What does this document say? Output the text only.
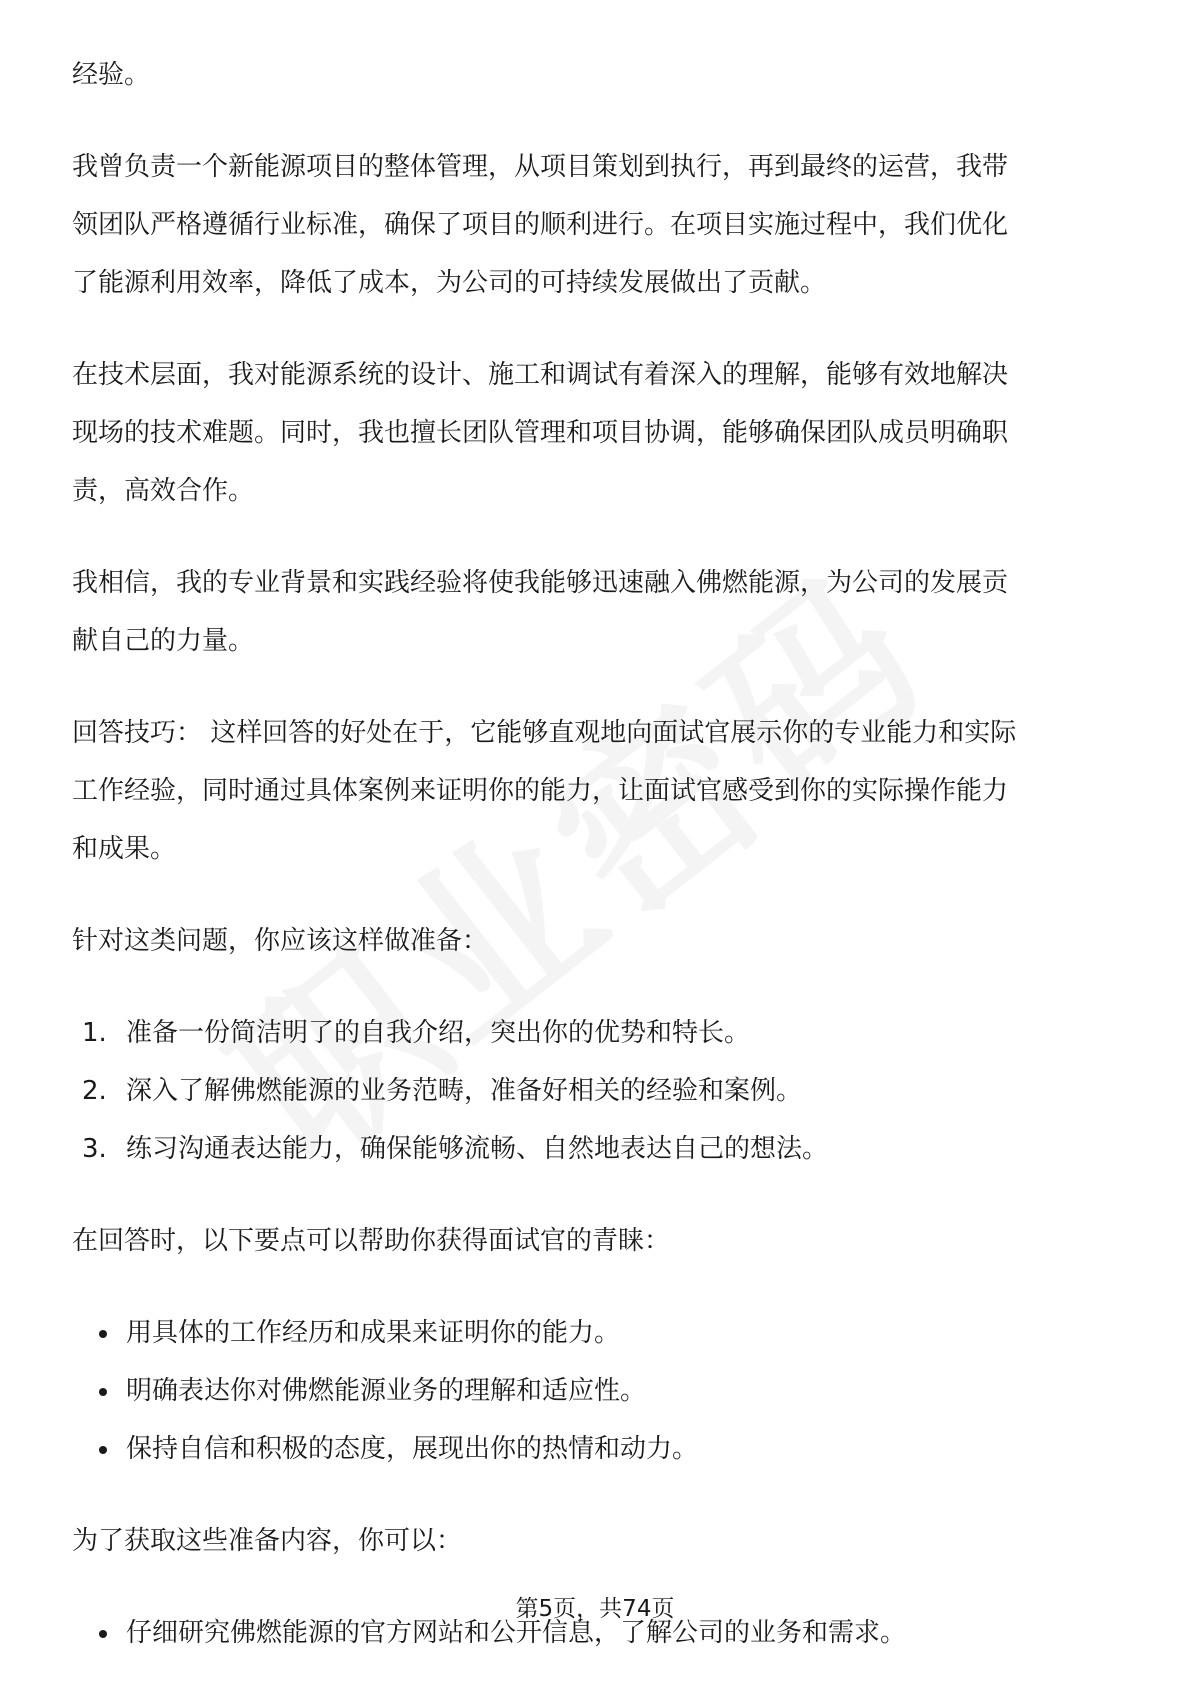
经验。

我曾负责一个新能源项目的整体管理，从项目策划到执行，再到最终的运营，我带

领团队严格遵循行业标准，确保了项目的顺利进行。在项目实施过程中，我们优化

了能源利用效率，降低了成本，为公司的可持续发展做出了贡献。

在技术层面，我对能源系统的设计、施工和调试有着深入的理解，能够有效地解决

现场的技术难题。同时，我也擅长团队管理和项目协调，能够确保团队成员明确职

责，高效合作。

我相信，我的专业背景和实践经验将使我能够迅速融入佛燃能源，为公司的发展贡

献自己的力量。

回答技巧： 这样回答的好处在于，它能够直观地向面试官展示你的专业能力和实际

工作经验，同时通过具体案例来证明你的能力，让面试官感受到你的实际操作能力

和成果。

针对这类问题，你应该这样做准备：

1. 准备一份简洁明了的自我介绍，突出你的优势和特长。
2. 深入了解佛燃能源的业务范畴，准备好相关的经验和案例。
3. 练习沟通表达能力，确保能够流畅、自然地表达自己的想法。

在回答时，以下要点可以帮助你获得面试官的青睐：

用具体的工作经历和成果来证明你的能力。
明确表达你对佛燃能源业务的理解和适应性。
保持自信和积极的态度，展现出你的热情和动力。

为了获取这些准备内容，你可以：

仔细研究佛燃能源的官方网站和公开信息，了解公司的业务和需求。
第5页，共74页
